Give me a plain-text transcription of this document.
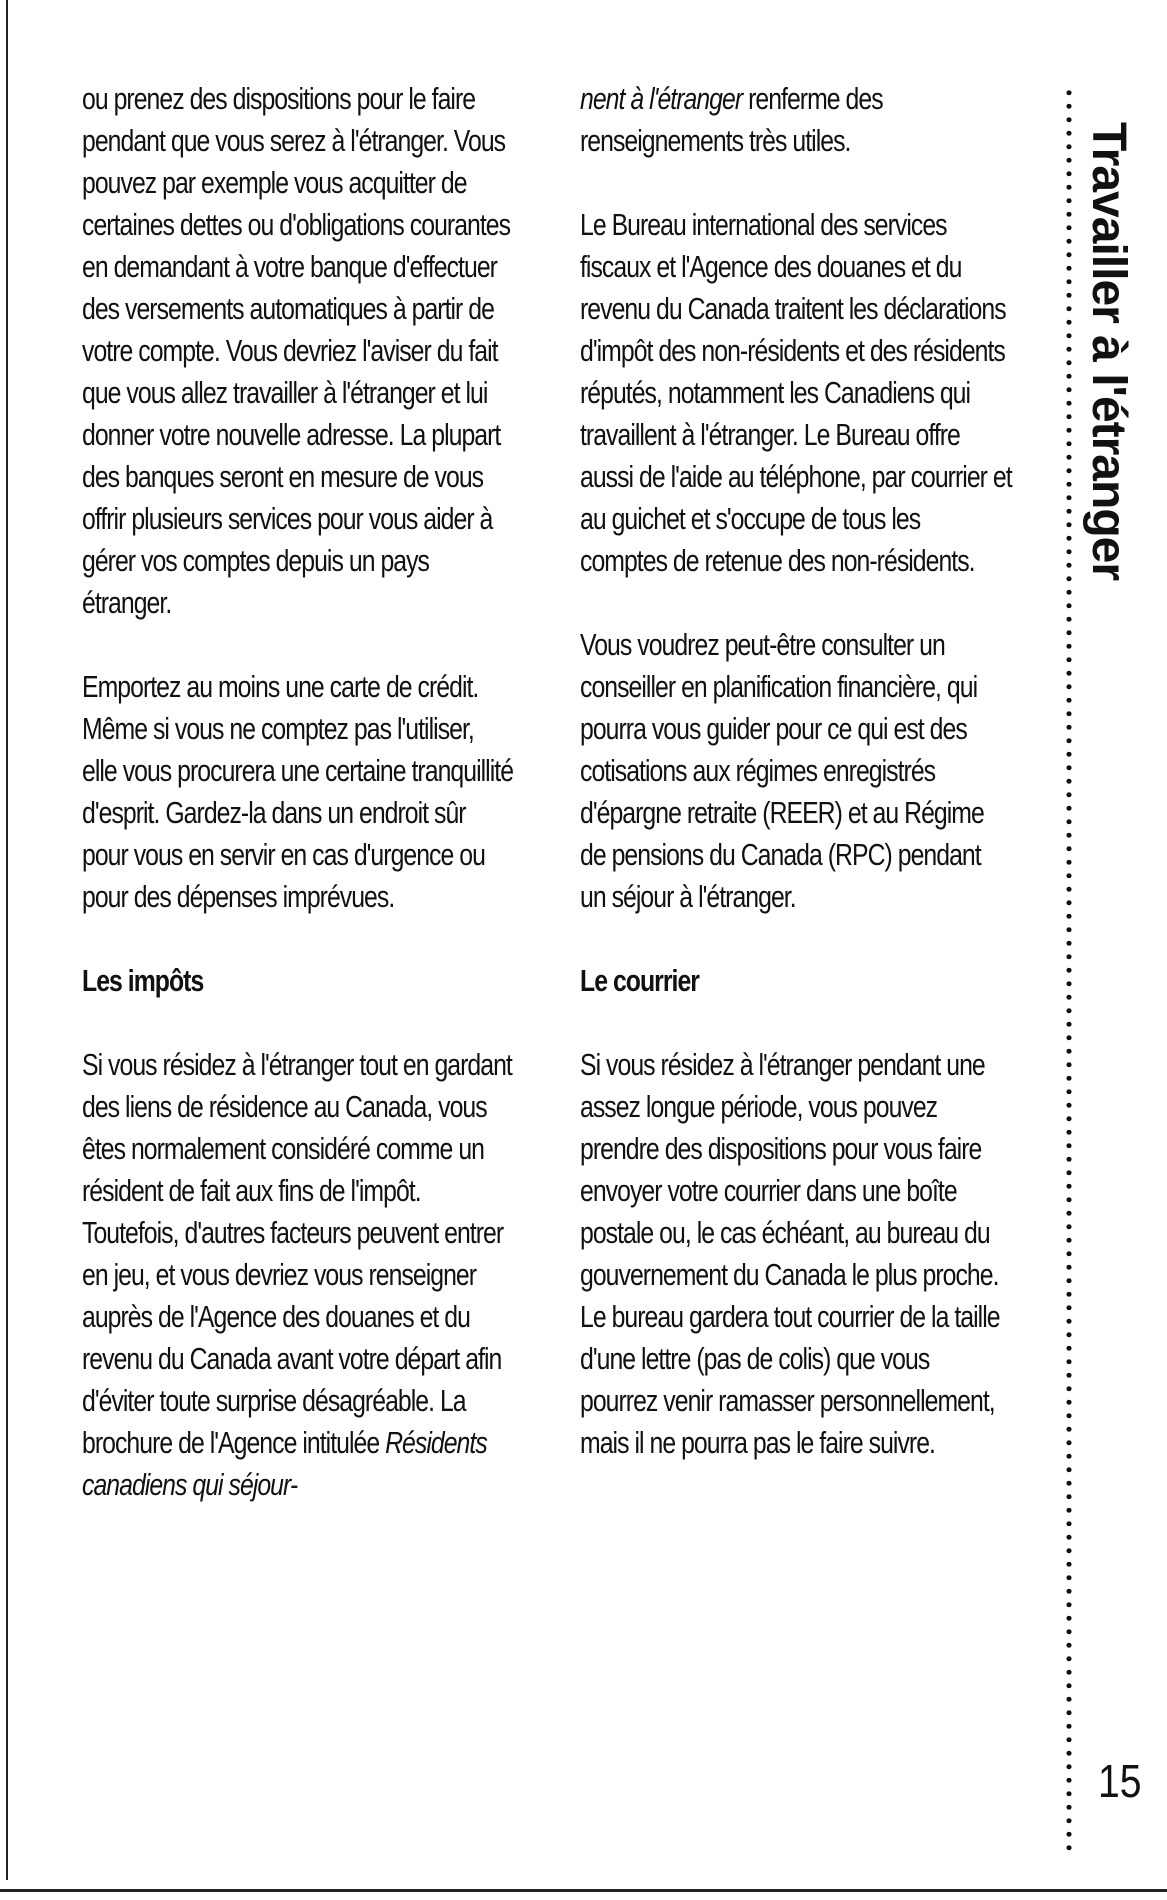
ou prenez des dispositions pour le faire pendant que vous serez à l'étranger. Vous pouvez par exemple vous acquitter de certaines dettes ou d'obligations courantes en demandant à votre banque d'effectuer des versements automatiques à partir de votre compte. Vous devriez l'aviser du fait que vous allez travailler à l'étranger et lui donner votre nouvelle adresse. La plupart des banques seront en mesure de vous offrir plusieurs services pour vous aider à gérer vos comptes depuis un pays étranger.

Emportez au moins une carte de crédit. Même si vous ne comptez pas l'utiliser, elle vous procurera une certaine tranquillité d'esprit. Gardez-la dans un endroit sûr pour vous en servir en cas d'urgence ou pour des dépenses imprévues.

Les impôts

Si vous résidez à l'étranger tout en gardant des liens de résidence au Canada, vous êtes normalement considéré comme un résident de fait aux fins de l'impôt. Toutefois, d'autres facteurs peuvent entrer en jeu, et vous devriez vous renseigner auprès de l'Agence des douanes et du revenu du Canada avant votre départ afin d'éviter toute surprise désagréable. La brochure de l'Agence intitulée Résidents canadiens qui séjour-

nent à l'étranger renferme des renseignements très utiles.

Le Bureau international des services fiscaux et l'Agence des douanes et du revenu du Canada traitent les déclarations d'impôt des non-résidents et des résidents réputés, notamment les Canadiens qui travaillent à l'étranger. Le Bureau offre aussi de l'aide au téléphone, par courrier et au guichet et s'occupe de tous les comptes de retenue des non-résidents.

Vous voudrez peut-être consulter un conseiller en planification financière, qui pourra vous guider pour ce qui est des cotisations aux régimes enregistrés d'épargne retraite (REER) et au Régime de pensions du Canada (RPC) pendant un séjour à l'étranger.

Le courrier

Si vous résidez à l'étranger pendant une assez longue période, vous pouvez prendre des dispositions pour vous faire envoyer votre courrier dans une boîte postale ou, le cas échéant, au bureau du gouvernement du Canada le plus proche. Le bureau gardera tout courrier de la taille d'une lettre (pas de colis) que vous pourrez venir ramasser personnellement, mais il ne pourra pas le faire suivre.

Travailler à l'étranger
15
